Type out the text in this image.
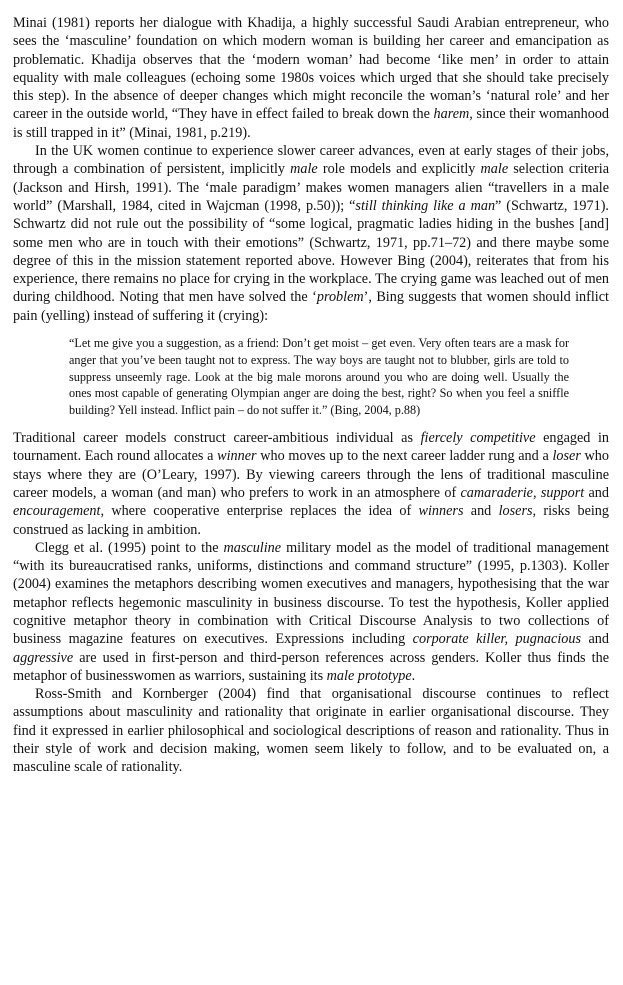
Minai (1981) reports her dialogue with Khadija, a highly successful Saudi Arabian entrepreneur, who sees the ‘masculine’ foundation on which modern woman is building her career and emancipation as problematic. Khadija observes that the ‘modern woman’ had become ‘like men’ in order to attain equality with male colleagues (echoing some 1980s voices which urged that she should take precisely this step). In the absence of deeper changes which might reconcile the woman’s ‘natural role’ and her career in the outside world, “They have in effect failed to break down the harem, since their womanhood is still trapped in it” (Minai, 1981, p.219).

In the UK women continue to experience slower career advances, even at early stages of their jobs, through a combination of persistent, implicitly male role models and explicitly male selection criteria (Jackson and Hirsh, 1991). The ‘male paradigm’ makes women managers alien “travellers in a male world” (Marshall, 1984, cited in Wajcman (1998, p.50)); “still thinking like a man” (Schwartz, 1971). Schwartz did not rule out the possibility of “some logical, pragmatic ladies hiding in the bushes [and] some men who are in touch with their emotions” (Schwartz, 1971, pp.71–72) and there maybe some degree of this in the mission statement reported above. However Bing (2004), reiterates that from his experience, there remains no place for crying in the workplace. The crying game was leached out of men during childhood. Noting that men have solved the ‘problem’, Bing suggests that women should inflict pain (yelling) instead of suffering it (crying):

“Let me give you a suggestion, as a friend: Don’t get moist – get even. Very often tears are a mask for anger that you’ve been taught not to express. The way boys are taught not to blubber, girls are told to suppress unseemly rage. Look at the big male morons around you who are doing well. Usually the ones most capable of generating Olympian anger are doing the best, right? So when you feel a sniffle building? Yell instead. Inflict pain – do not suffer it.” (Bing, 2004, p.88)

Traditional career models construct career-ambitious individual as fiercely competitive engaged in tournament. Each round allocates a winner who moves up to the next career ladder rung and a loser who stays where they are (O’Leary, 1997). By viewing careers through the lens of traditional masculine career models, a woman (and man) who prefers to work in an atmosphere of camaraderie, support and encouragement, where cooperative enterprise replaces the idea of winners and losers, risks being construed as lacking in ambition.

Clegg et al. (1995) point to the masculine military model as the model of traditional management “with its bureaucratised ranks, uniforms, distinctions and command structure” (1995, p.1303). Koller (2004) examines the metaphors describing women executives and managers, hypothesising that the war metaphor reflects hegemonic masculinity in business discourse. To test the hypothesis, Koller applied cognitive metaphor theory in combination with Critical Discourse Analysis to two collections of business magazine features on executives. Expressions including corporate killer, pugnacious and aggressive are used in first-person and third-person references across genders. Koller thus finds the metaphor of businesswomen as warriors, sustaining its male prototype.

Ross-Smith and Kornberger (2004) find that organisational discourse continues to reflect assumptions about masculinity and rationality that originate in earlier organisational discourse. They find it expressed in earlier philosophical and sociological descriptions of reason and rationality. Thus in their style of work and decision making, women seem likely to follow, and to be evaluated on, a masculine scale of rationality.
